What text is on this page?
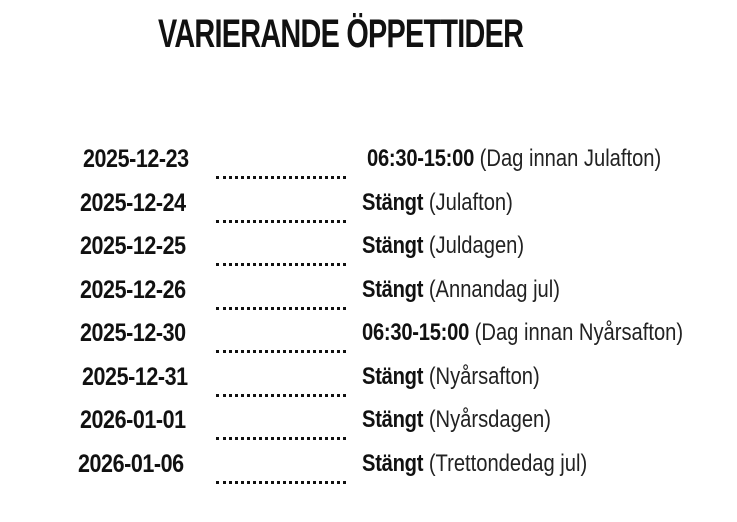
VARIERANDE ÖPPETTIDER
2025-12-23	06:30-15:00 (Dag innan Julafton)
2025-12-24	Stängt (Julafton)
2025-12-25	Stängt (Juldagen)
2025-12-26	Stängt (Annandag jul)
2025-12-30	06:30-15:00 (Dag innan Nyårsafton)
2025-12-31	Stängt (Nyårsafton)
2026-01-01	Stängt (Nyårsdagen)
2026-01-06	Stängt (Trettondedag jul)
